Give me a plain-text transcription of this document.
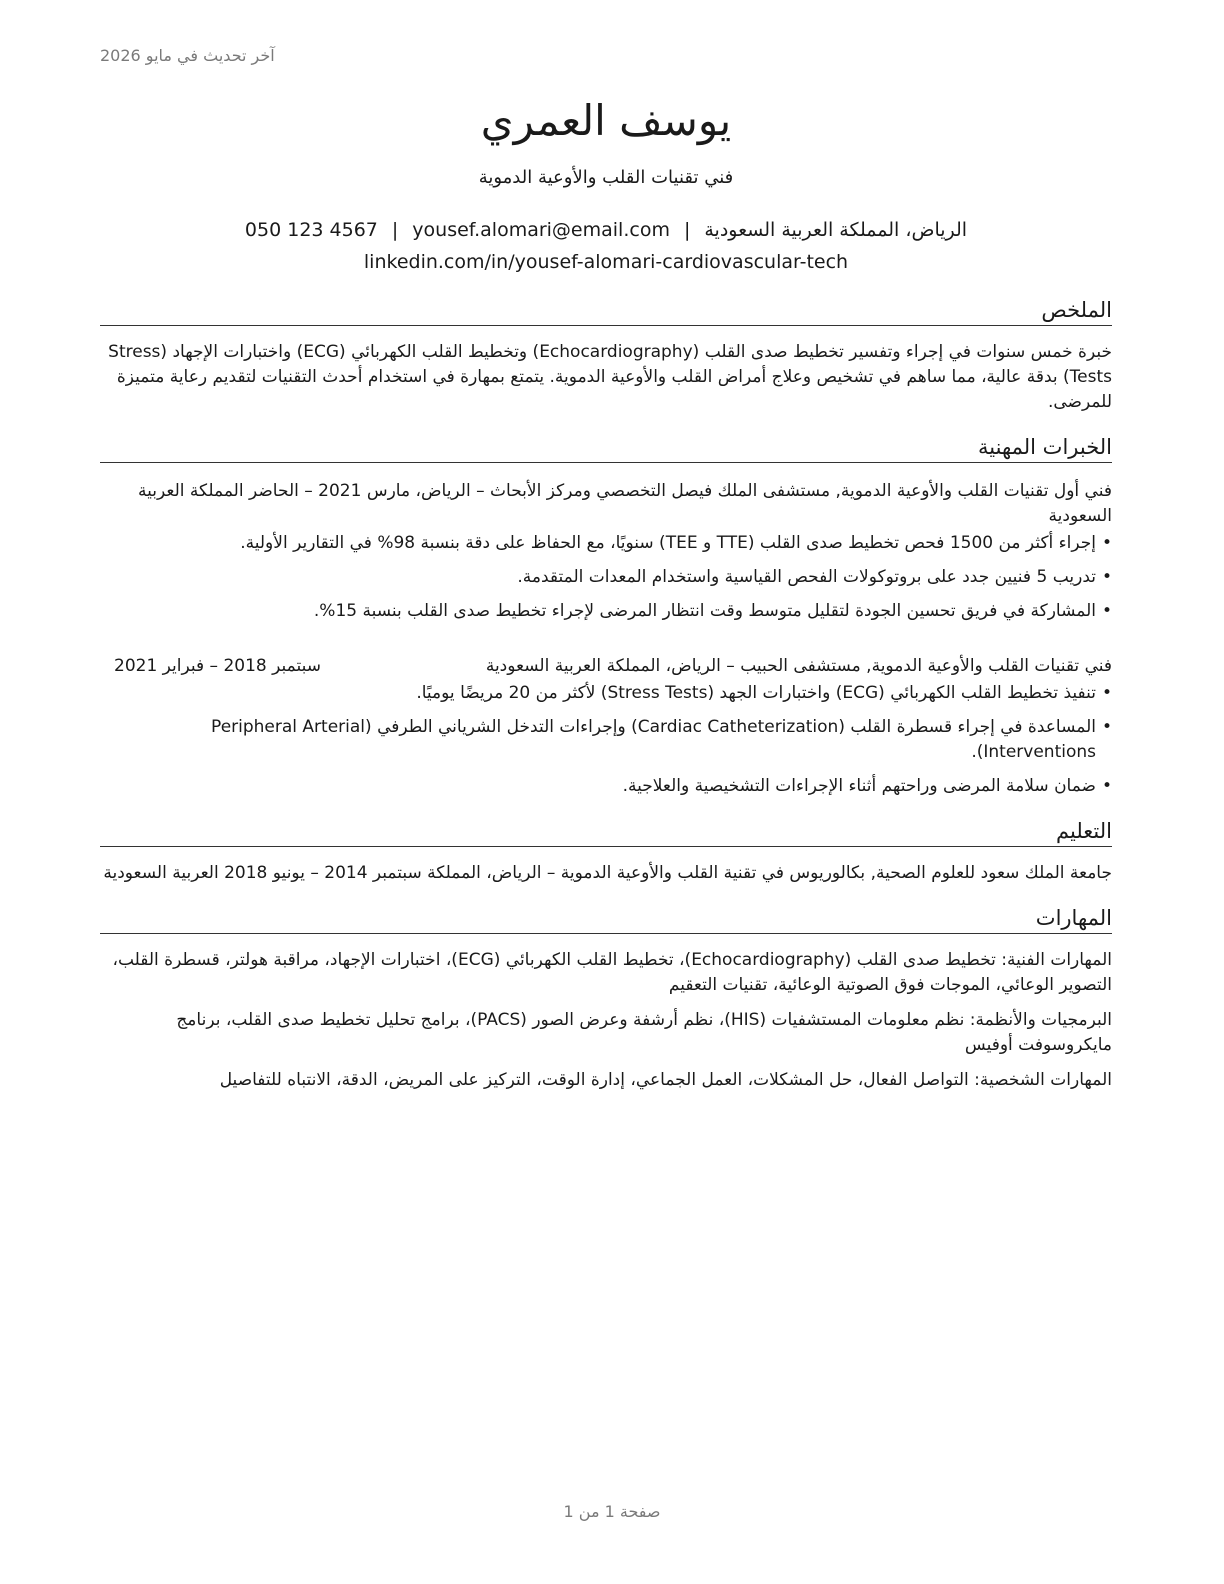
آخر تحديث في مايو 2026
يوسف العمري
فني تقنيات القلب والأوعية الدموية
الرياض، المملكة العربية السعودية|yousef.alomari@email.com|050 123 4567
linkedin.com/in/yousef-alomari-cardiovascular-tech
الملخص
خبرة خمس سنوات في إجراء وتفسير تخطيط صدى القلب (Echocardiography) وتخطيط القلب الكهربائي (ECG) واختبارات الإجهاد (Stress Tests) بدقة عالية، مما ساهم في تشخيص وعلاج أمراض القلب والأوعية الدموية. يتمتع بمهارة في استخدام أحدث التقنيات لتقديم رعاية متميزة للمرضى.
الخبرات المهنية
فني أول تقنيات القلب والأوعية الدموية, مستشفى الملك فيصل التخصصي ومركز الأبحاث – الرياض، مارس 2021 – الحاضر المملكة العربية السعودية
•
إجراء أكثر من 1500 فحص تخطيط صدى القلب (TTE و TEE) سنويًا، مع الحفاظ على دقة بنسبة 98% في التقارير الأولية.
•
تدريب 5 فنيين جدد على بروتوكولات الفحص القياسية واستخدام المعدات المتقدمة.
•
المشاركة في فريق تحسين الجودة لتقليل متوسط وقت انتظار المرضى لإجراء تخطيط صدى القلب بنسبة 15%.
فني تقنيات القلب والأوعية الدموية, مستشفى الحبيب – الرياض، المملكة العربية السعودية
سبتمبر 2018 – فبراير 2021
•
تنفيذ تخطيط القلب الكهربائي (ECG) واختبارات الجهد (Stress Tests) لأكثر من 20 مريضًا يوميًا.
•
المساعدة في إجراء قسطرة القلب (Cardiac Catheterization) وإجراءات التدخل الشرياني الطرفي (Peripheral Arterial Interventions).
•
ضمان سلامة المرضى وراحتهم أثناء الإجراءات التشخيصية والعلاجية.
التعليم
جامعة الملك سعود للعلوم الصحية, بكالوريوس في تقنية القلب والأوعية الدموية – الرياض، المملكة سبتمبر 2014 – يونيو 2018 العربية السعودية
المهارات
المهارات الفنية: تخطيط صدى القلب (Echocardiography)، تخطيط القلب الكهربائي (ECG)، اختبارات الإجهاد، مراقبة هولتر، قسطرة القلب، التصوير الوعائي، الموجات فوق الصوتية الوعائية، تقنيات التعقيم
البرمجيات والأنظمة: نظم معلومات المستشفيات (HIS)، نظم أرشفة وعرض الصور (PACS)، برامج تحليل تخطيط صدى القلب، برنامج مايكروسوفت أوفيس
المهارات الشخصية: التواصل الفعال، حل المشكلات، العمل الجماعي، إدارة الوقت، التركيز على المريض، الدقة، الانتباه للتفاصيل
صفحة 1 من 1
